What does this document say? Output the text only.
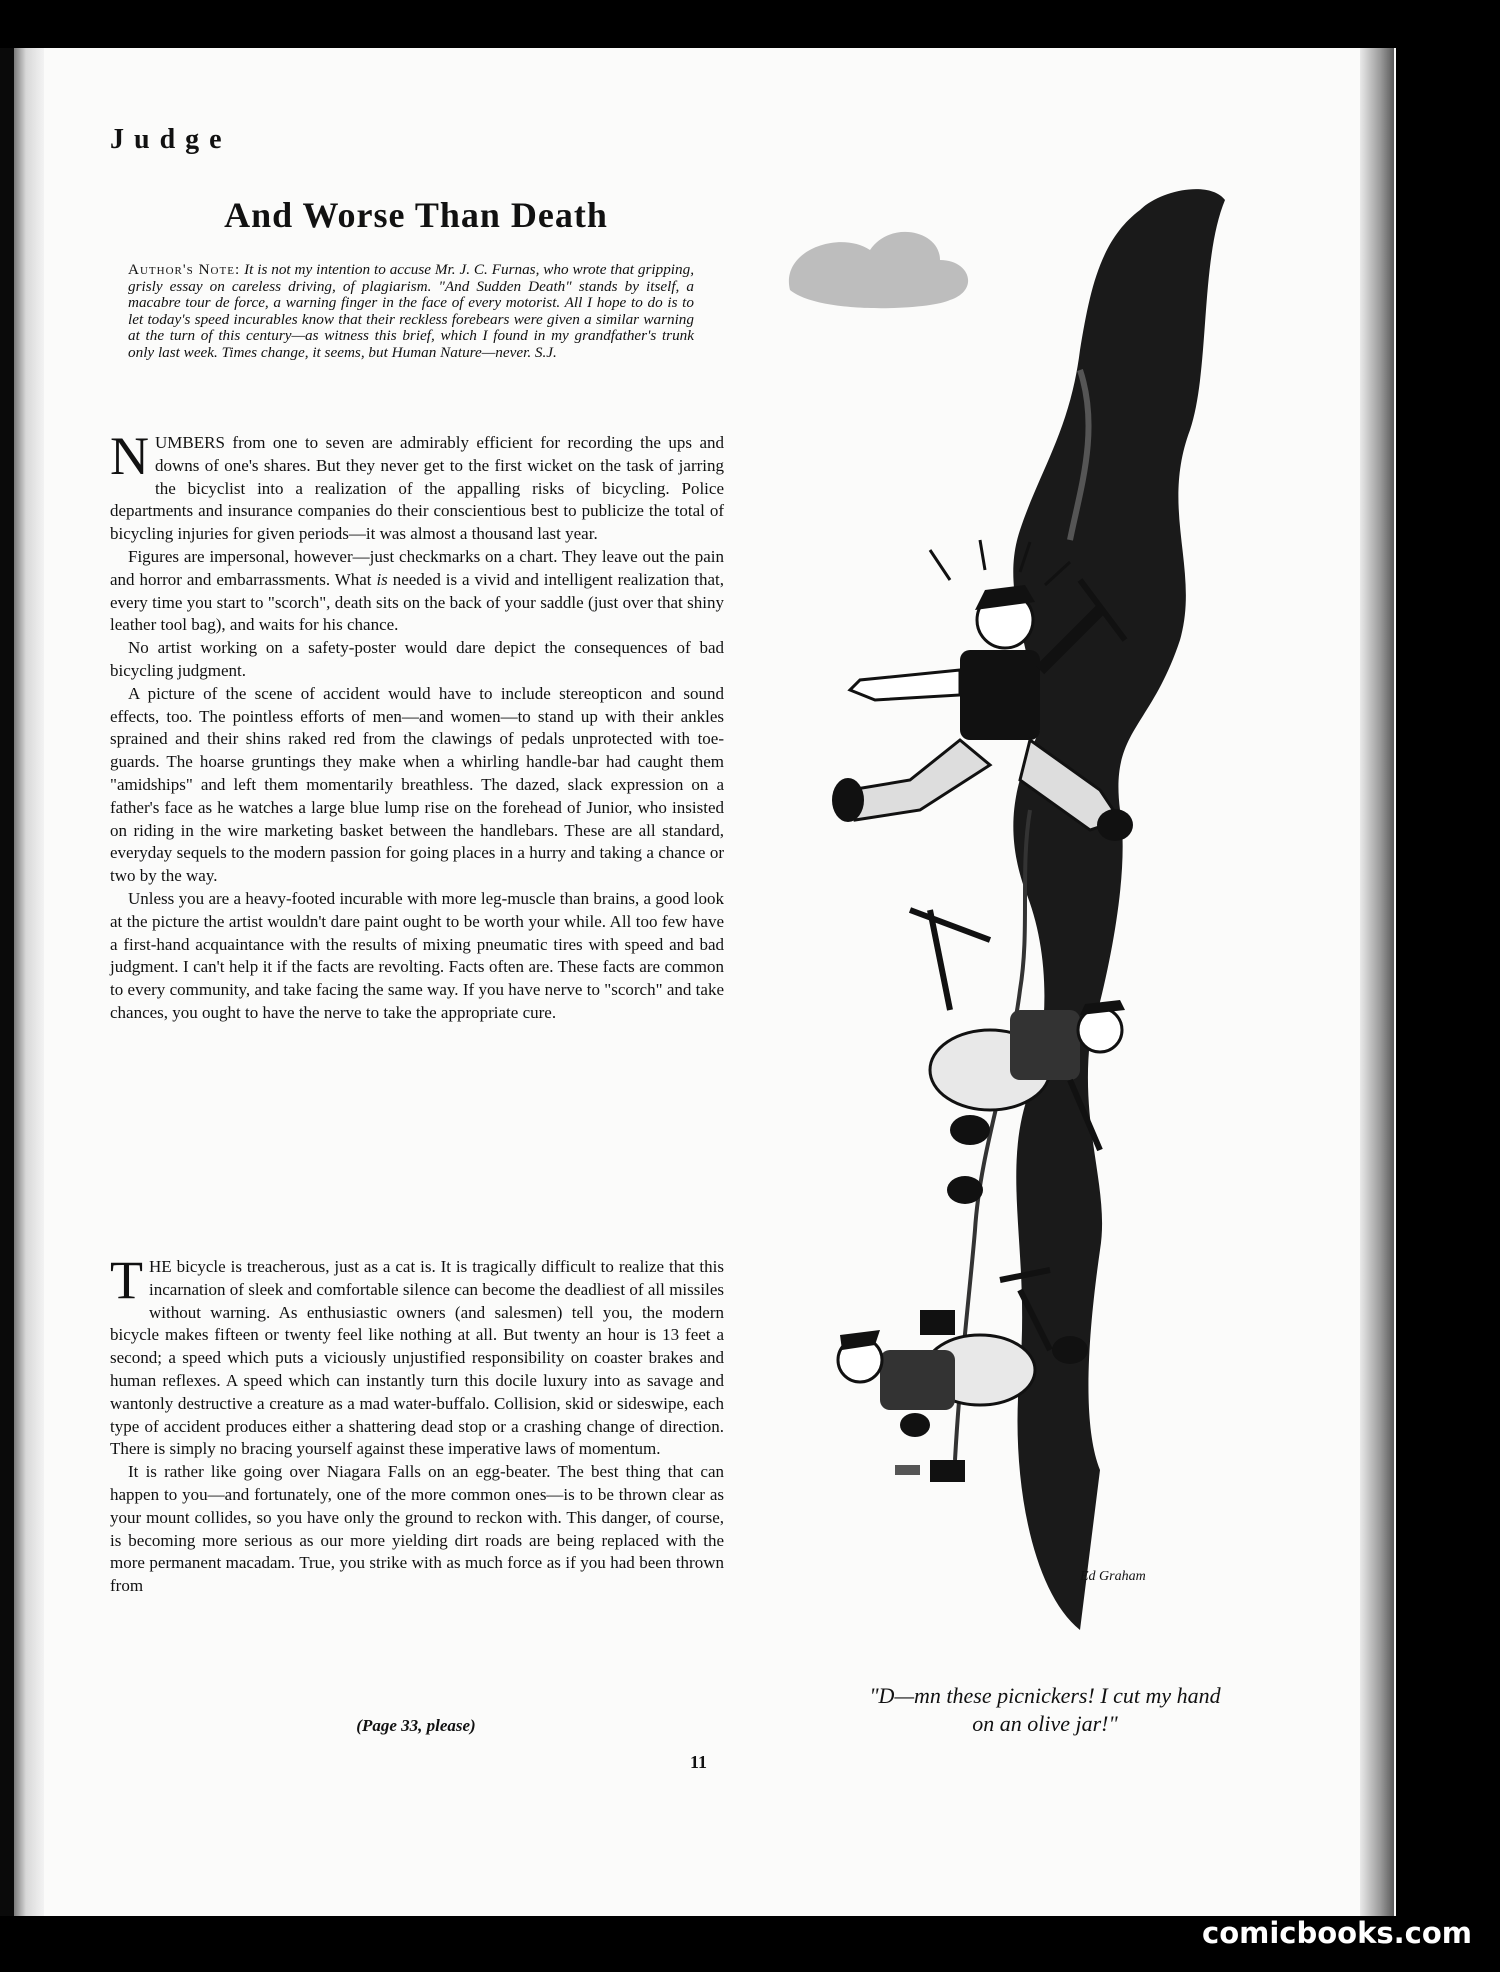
Judge
And Worse Than Death
Author's Note: It is not my intention to accuse Mr. J. C. Furnas, who wrote that gripping, grisly essay on careless driving, of plagiarism. "And Sudden Death" stands by itself, a macabre tour de force, a warning finger in the face of every motorist. All I hope to do is to let today's speed incurables know that their reckless forebears were given a similar warning at the turn of this century—as witness this brief, which I found in my grandfather's trunk only last week. Times change, it seems, but Human Nature—never. S.J.

NUMBERS from one to seven are admirably efficient for recording the ups and downs of one's shares. But they never get to the first wicket on the task of jarring the bicyclist into a realization of the appalling risks of bicycling. Police departments and insurance companies do their conscientious best to publicize the total of bicycling injuries for given periods—it was almost a thousand last year.

Figures are impersonal, however—just checkmarks on a chart. They leave out the pain and horror and embarrassments. What is needed is a vivid and intelligent realization that, every time you start to "scorch", death sits on the back of your saddle (just over that shiny leather tool bag), and waits for his chance.

No artist working on a safety-poster would dare depict the consequences of bad bicycling judgment.

A picture of the scene of accident would have to include stereopticon and sound effects, too. The pointless efforts of men—and women—to stand up with their ankles sprained and their shins raked red from the clawings of pedals unprotected with toe-guards. The hoarse gruntings they make when a whirling handle-bar had caught them "amidships" and left them momentarily breathless. The dazed, slack expression on a father's face as he watches a large blue lump rise on the forehead of Junior, who insisted on riding in the wire marketing basket between the handlebars. These are all standard, everyday sequels to the modern passion for going places in a hurry and taking a chance or two by the way.

Unless you are a heavy-footed incurable with more leg-muscle than brains, a good look at the picture the artist wouldn't dare paint ought to be worth your while. All too few have a first-hand acquaintance with the results of mixing pneumatic tires with speed and bad judgment. I can't help it if the facts are revolting. Facts often are. These facts are common to every community, and take facing the same way. If you have nerve to "scorch" and take chances, you ought to have the nerve to take the appropriate cure.

THE bicycle is treacherous, just as a cat is. It is tragically difficult to realize that this incarnation of sleek and comfortable silence can become the deadliest of all missiles without warning. As enthusiastic owners (and salesmen) tell you, the modern bicycle makes fifteen or twenty feel like nothing at all. But twenty an hour is 13 feet a second; a speed which puts a viciously unjustified responsibility on coaster brakes and human reflexes. A speed which can instantly turn this docile luxury into as savage and wantonly destructive a creature as a mad water-buffalo. Collision, skid or sideswipe, each type of accident produces either a shattering dead stop or a crashing change of direction. There is simply no bracing yourself against these imperative laws of momentum.

It is rather like going over Niagara Falls on an egg-beater. The best thing that can happen to you—and fortunately, one of the more common ones—is to be thrown clear as your mount collides, so you have only the ground to reckon with. This danger, of course, is becoming more serious as our more yielding dirt roads are being replaced with the more permanent macadam. True, you strike with as much force as if you had been thrown from

(Page 33, please)
11
Ed Graham
"D—mn these picnickers! I cut my hand
on an olive jar!"
comicbooks.com
